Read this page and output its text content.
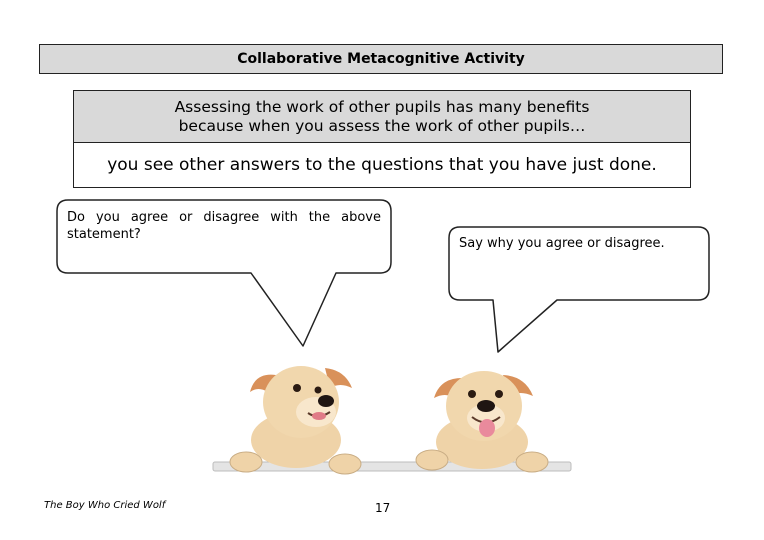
Collaborative Metacognitive Activity
Assessing the work of other pupils has many benefits
because when you assess the work of other pupils…
you see other answers to the questions that you have just done.
Do you agree or disagree with the above statement?
Say why you agree or disagree.
The Boy Who Cried Wolf	17
